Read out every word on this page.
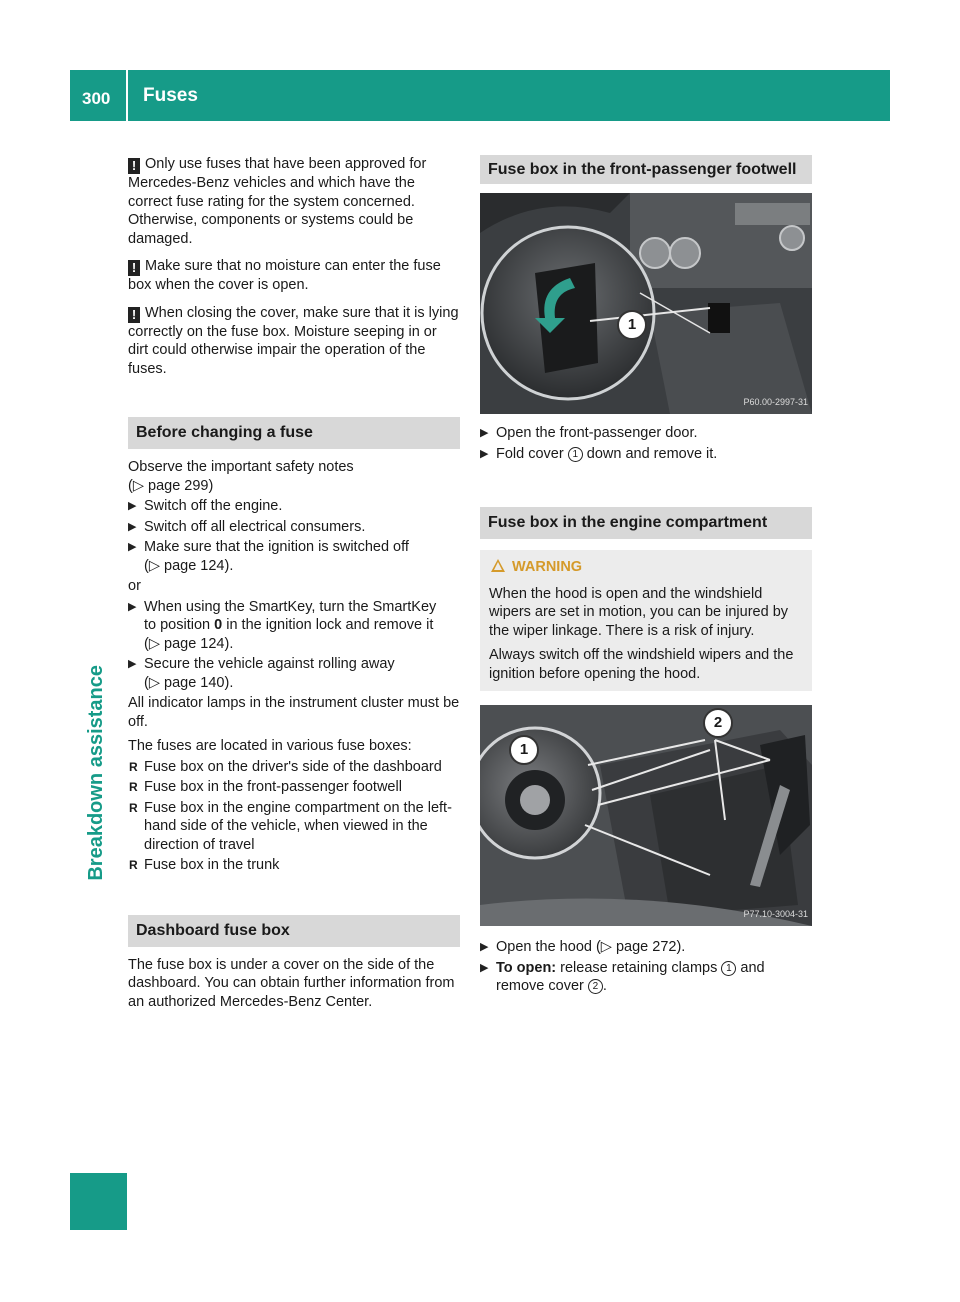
300 Fuses
Breakdown assistance

! Only use fuses that have been approved for Mercedes-Benz vehicles and which have the correct fuse rating for the system concerned. Otherwise, components or systems could be damaged.

! Make sure that no moisture can enter the fuse box when the cover is open.

! When closing the cover, make sure that it is lying correctly on the fuse box. Moisture seeping in or dirt could otherwise impair the operation of the fuses.

Before changing a fuse

Observe the important safety notes
(▷ page 299)

▶ Switch off the engine.
▶ Switch off all electrical consumers.
▶ Make sure that the ignition is switched off
(▷ page 124).

or

▶ When using the SmartKey, turn the SmartKey
to position 0 in the ignition lock and remove it
(▷ page 124).
▶ Secure the vehicle against rolling away
(▷ page 140).

All indicator lamps in the instrument cluster must be off.

The fuses are located in various fuse boxes:

R Fuse box on the driver's side of the dashboard
R Fuse box in the front-passenger footwell
R Fuse box in the engine compartment on the left-hand side of the vehicle, when viewed in the direction of travel
R Fuse box in the trunk
Dashboard fuse box

The fuse box is under a cover on the side of the dashboard. You can obtain further information from an authorized Mercedes-Benz Center.

Fuse box in the front-passenger footwell
1
P60.00-2997-31
▶ Open the front-passenger door.
▶ Fold cover 1 down and remove it.
Fuse box in the engine compartment
WARNING

When the hood is open and the windshield wipers are set in motion, you can be injured by the wiper linkage. There is a risk of injury.

Always switch off the windshield wipers and the ignition before opening the hood.

1
2
P77.10-3004-31
▶ Open the hood (▷ page 272).
▶ To open: release retaining clamps 1 and
remove cover 2 .
